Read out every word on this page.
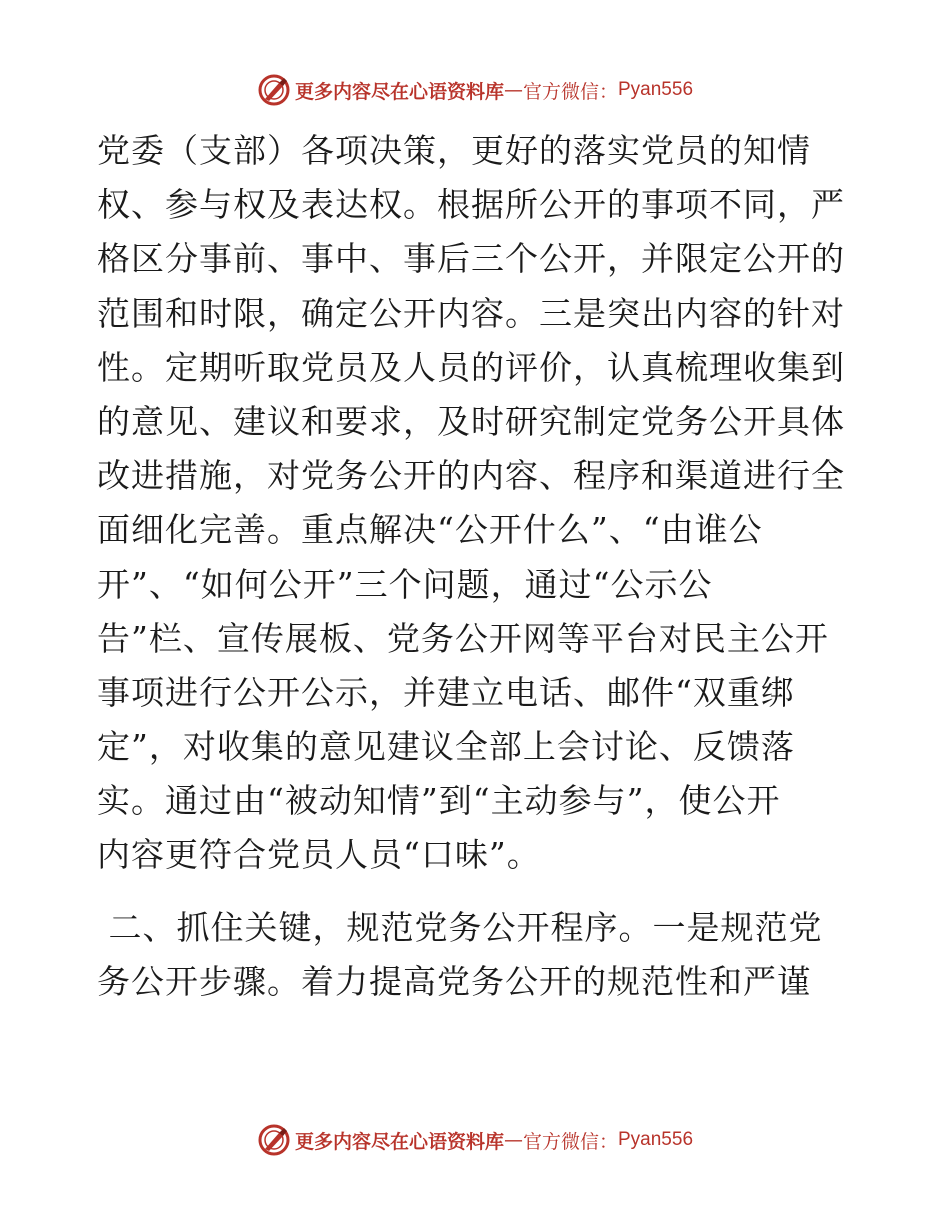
更多内容尽在心语资料库 — 官方微信： Pyan556
党委（支部）各项决策，更好的落实党员的知情
权、参与权及表达权。根据所公开的事项不同，严
格区分事前、事中、事后三个公开，并限定公开的
范围和时限，确定公开内容。三是突出内容的针对
性。定期听取党员及人员的评价，认真梳理收集到
的意见、建议和要求，及时研究制定党务公开具体
改进措施，对党务公开的内容、程序和渠道进行全
面细化完善。重点解决“公开什么”、“由谁公
开”、“如何公开”三个问题，通过“公示公
告”栏、宣传展板、党务公开网等平台对民主公开
事项进行公开公示，并建立电话、邮件“双重绑
定”，对收集的意见建议全部上会讨论、反馈落
实。通过由“被动知情”到“主动参与”，使公开
内容更符合党员人员“口味”。
二、抓住关键，规范党务公开程序。一是规范党
务公开步骤。着力提高党务公开的规范性和严谨
更多内容尽在心语资料库 — 官方微信： Pyan556
